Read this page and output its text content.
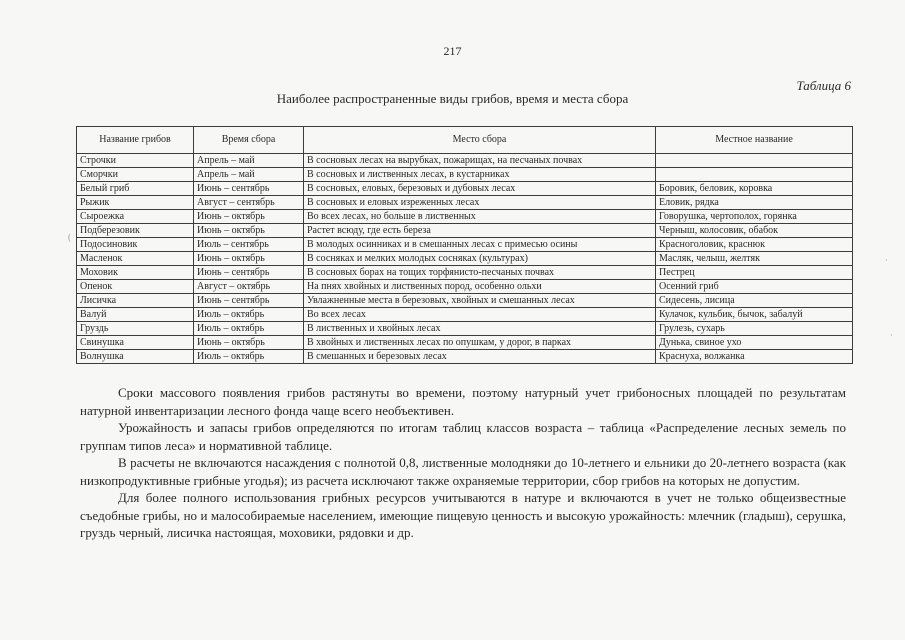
217
Таблица 6
Наиболее распространенные виды грибов, время и места сбора
Название грибов	Время сбора	Место сбора	Местное название
Строчки	Апрель – май	В сосновых лесах на вырубках, пожарищах, на песчаных почвах	
Сморчки	Апрель – май	В сосновых и лиственных лесах, в кустарниках	
Белый гриб	Июнь – сентябрь	В сосновых, еловых, березовых и дубовых лесах	Боровик, беловик, коровка
Рыжик	Август – сентябрь	В сосновых и еловых изреженных лесах	Еловик, рядка
Сыроежка	Июнь – октябрь	Во всех лесах, но больше в лиственных	Говорушка, чертополох, горянка
Подберезовик	Июнь – октябрь	Растет всюду, где есть береза	Черныш, колосовик, обабок
Подосиновик	Июль – сентябрь	В молодых осинниках и в смешанных лесах с примесью осины	Красноголовик, краснюк
Масленок	Июнь – октябрь	В сосняках и мелких молодых сосняках (культурах)	Масляк, челыш, желтяк
Моховик	Июнь – сентябрь	В сосновых борах на тощих торфянисто-песчаных почвах	Пестрец
Опенок	Август – октябрь	На пнях хвойных и лиственных пород, особенно ольхи	Осенний гриб
Лисичка	Июнь – сентябрь	Увлажненные места в березовых, хвойных и смешанных лесах	Сидесень, лисица
Валуй	Июль – октябрь	Во всех лесах	Кулачок, кульбик, бычок, забалуй
Груздь	Июль – октябрь	В лиственных и хвойных лесах	Грулезь, сухарь
Свинушка	Июнь – октябрь	В хвойных и лиственных лесах по опушкам, у дорог, в парках	Дунька, свиное ухо
Волнушка	Июль – октябрь	В смешанных и березовых лесах	Краснуха, волжанка

Сроки массового появления грибов растянуты во времени, поэтому натурный учет грибоносных площадей по результатам натурной инвентаризации лесного фонда чаще всего необъективен.

Урожайность и запасы грибов определяются по итогам таблиц классов возраста – таблица «Распределение лесных земель по группам типов леса» и нормативной таблице.

В расчеты не включаются насаждения с полнотой 0,8, лиственные молодняки до 10-летнего и ельники до 20-летнего возраста (как низкопродуктивные грибные угодья); из расчета исключают также охраняемые территории, сбор грибов на которых не допустим.

Для более полного использования грибных ресурсов учитываются в натуре и включаются в учет не только общеизвестные съедобные грибы, но и малособираемые населением, имеющие пищевую ценность и высокую урожайность: млечник (гладыш), серушка, груздь черный, лисичка настоящая, моховики, рядовки и др.

·
·
(
